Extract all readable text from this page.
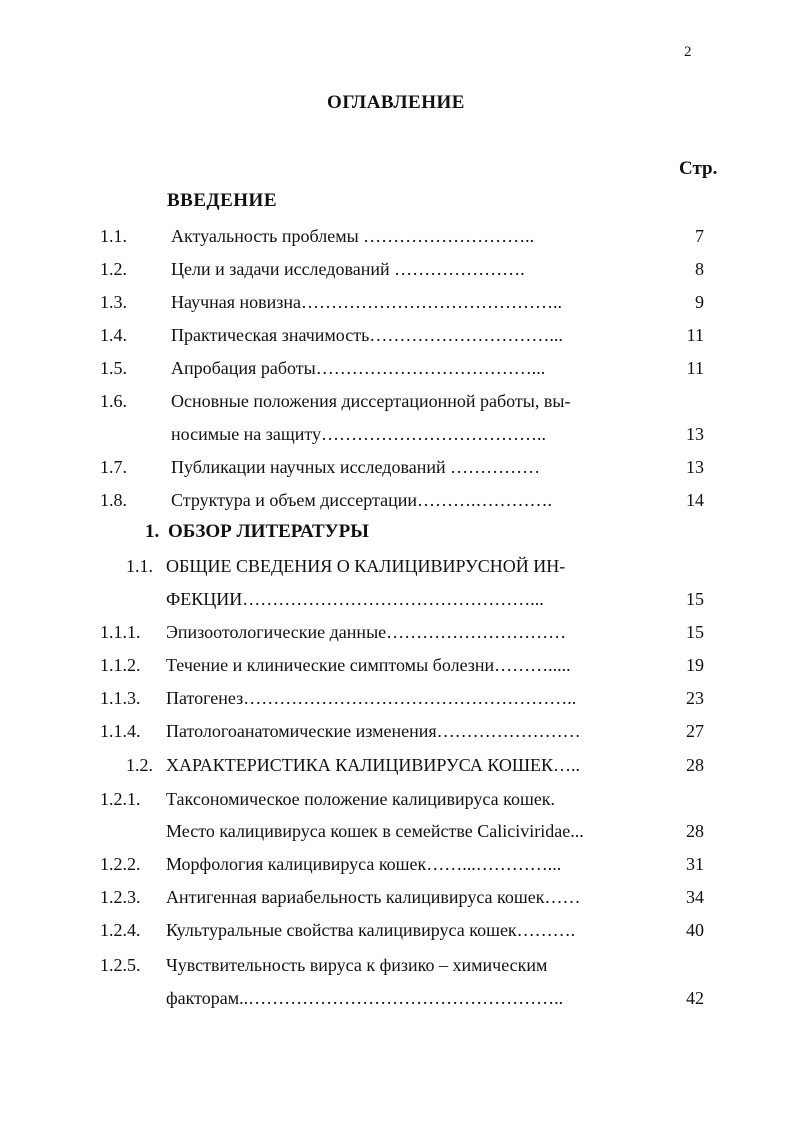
2
ОГЛАВЛЕНИЕ
Стр.
ВВЕДЕНИЕ
1.1. Актуальность проблемы ………………………..	7
1.2. Цели и задачи исследований ………………….	8
1.3. Научная новизна……………………………………..	9
1.4. Практическая значимость…………………………...	11
1.5. Апробация работы………………………………...	11
1.6. Основные положения диссертационной работы, вы-
носимые на защиту………………………………..	13
1.7. Публикации научных исследований ……………	13
1.8. Структура и объем диссертации……….………….	14
1. ОБЗОР ЛИТЕРАТУРЫ
1.1. ОБЩИЕ СВЕДЕНИЯ О КАЛИЦИВИРУСНОЙ ИН-
ФЕКЦИИ…………………………………………...	15
1.1.1. Эпизоотологические данные…………………………	15
1.1.2. Течение и клинические симптомы болезни……….....	19
1.1.3. Патогенез………………………………………………..	23
1.1.4. Патологоанатомические изменения……………………	27
1.2. ХАРАКТЕРИСТИКА КАЛИЦИВИРУСА КОШЕК…..	28
1.2.1. Таксономическое положение калицивируса кошек.
Место калицивируса кошек в семействе Caliciviridae...	28
1.2.2. Морфология калицивируса кошек……...…………...	31
1.2.3. Антигенная вариабельность калицивируса кошек……	34
1.2.4. Культуральные свойства калицивируса кошек……….	40
1.2.5. Чувствительность вируса к физико – химическим
факторам..……………………………………………..	42
